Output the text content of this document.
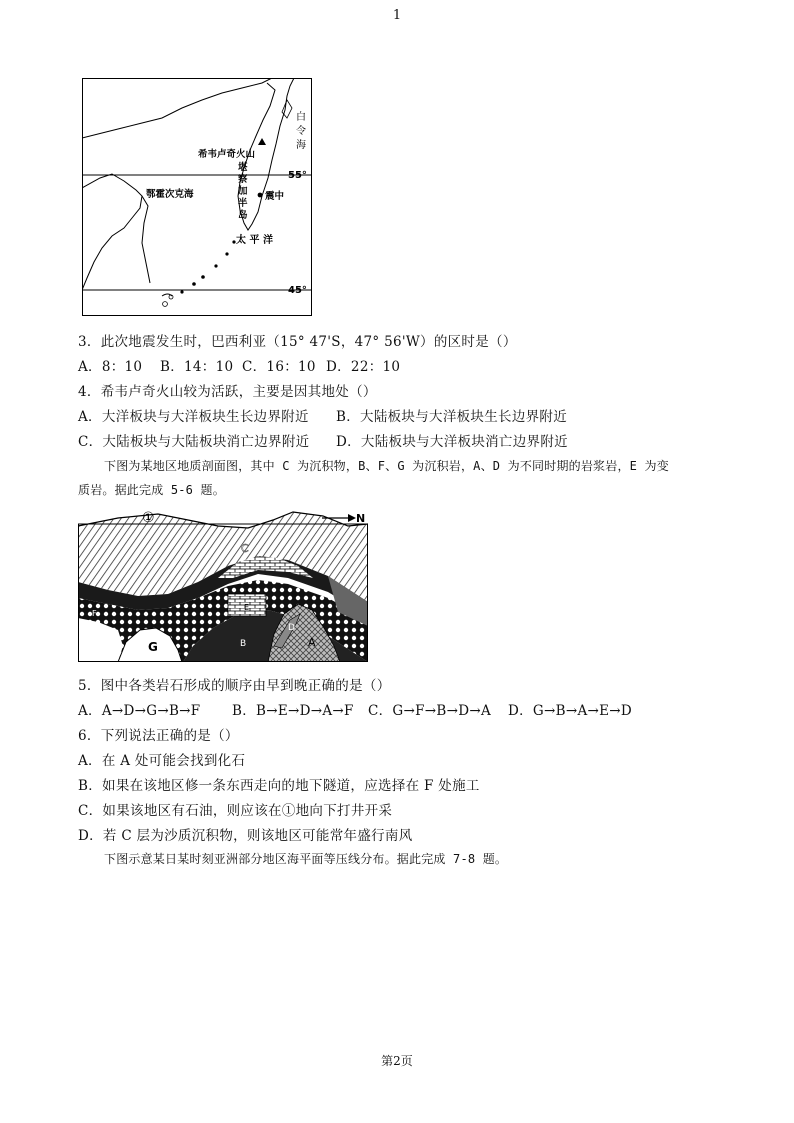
1
白
令
海
希韦卢奇火山
堪
察
加
半
岛
震中
鄂霍次克海
太 平 洋
55°
45°
3．此次地震发生时，巴西利亚（15° 47'S，47° 56'W）的区时是（）
A．8：10 B．14：10 C．16：10 D．22：10
4．希韦卢奇火山较为活跃，主要是因其地处（）
A．大洋板块与大洋板块生长边界附近 B．大陆板块与大洋板块生长边界附近
C．大陆板块与大陆板块消亡边界附近 D．大陆板块与大洋板块消亡边界附近
下图为某地区地质剖面图，其中 C 为沉积物，B、F、G 为沉积岩，A、D 为不同时期的岩浆岩，E 为变
质岩。据此完成 5-6 题。
①	N
C
G
E
B
D
A
F
5．图中各类岩石形成的顺序由早到晚正确的是（）
A．A→D→G→B→F B．B→E→D→A→F C．G→F→B→D→A D．G→B→A→E→D
6．下列说法正确的是（）
A．在 A 处可能会找到化石
B．如果在该地区修一条东西走向的地下隧道，应选择在 F 处施工
C．如果该地区有石油，则应该在①地向下打井开采
D．若 C 层为沙质沉积物，则该地区可能常年盛行南风
下图示意某日某时刻亚洲部分地区海平面等压线分布。据此完成 7-8 题。
第2页
